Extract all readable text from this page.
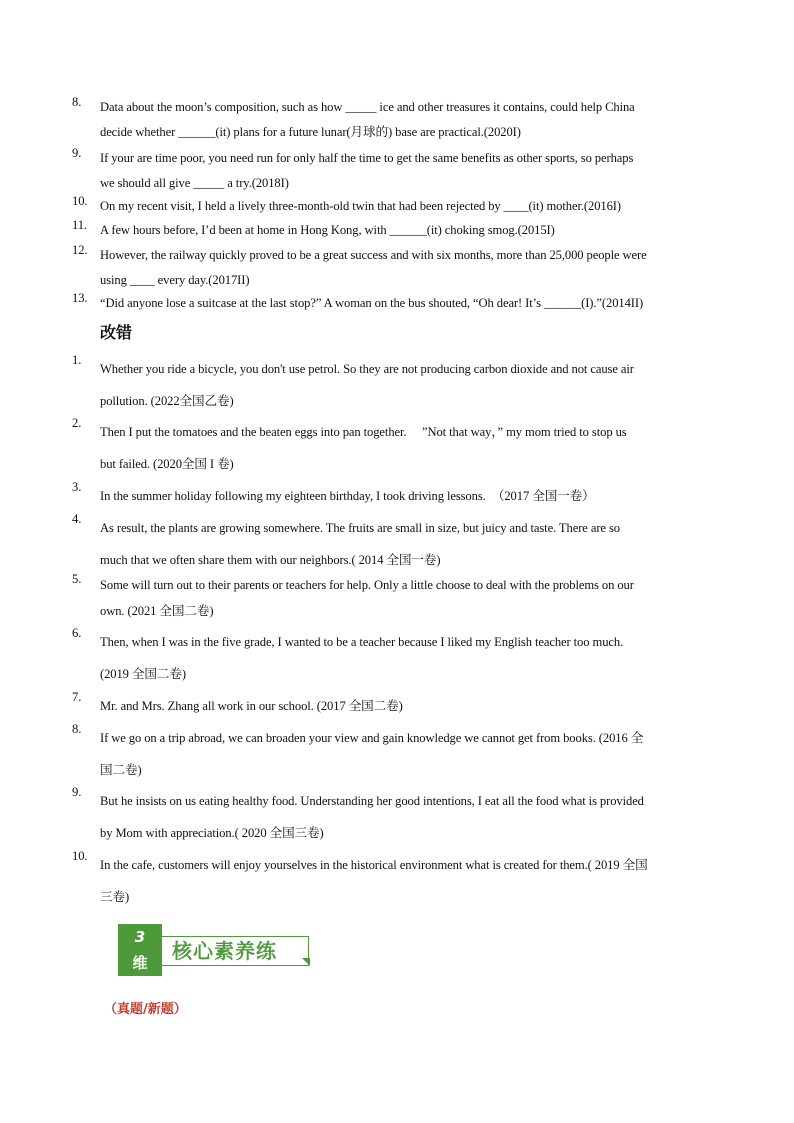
8.	Data about the moon’s composition, such as how _____ ice and other treasures it contains, could help China
decide whether ______(it) plans for a future lunar(月球的) base are practical.(2020I)
9.	If your are time poor, you need run for only half the time to get the same benefits as other sports, so perhaps
we should all give _____ a try.(2018I)
10. On my recent visit, I held a lively three-month-old twin that had been rejected by ____(it) mother.(2016I)
11.	A few hours before, I’d been at home in Hong Kong, with ______(it) choking smog.(2015I)
12. However, the railway quickly proved to be a great success and with six months, more than 25,000 people were
using ____ every day.(2017II)
13. “Did anyone lose a suitcase at the last stop?” A woman on the bus shouted, “Oh dear! It’s ______(I).”(2014II)
改错
1.
Whether you ride a bicycle, you don't use petrol. So they are not producing carbon dioxide and not cause air
pollution. (2022全国乙卷)
2.
Then I put the tomatoes and the beaten eggs into pan together.　 ”Not that way，” my mom tried to stop us
but failed. (2020全国 I 卷)
3.
In the summer holiday following my eighteen birthday, I took driving lessons.　（2017 全国一卷）
4.
As result, the plants are growing somewhere. The fruits are small in size, but juicy and taste. There are so
much that we often share them with our neighbors.( 2014 全国一卷)
5.	Some will turn out to their parents or teachers for help. Only a little choose to deal with the problems on our
own. (2021 全国二卷)
6.
Then, when I was in the five grade, I wanted to be a teacher because I liked my English teacher too much.
(2019 全国二卷)
7.
Mr. and Mrs. Zhang all work in our school. (2017 全国二卷)
8.
If we go on a trip abroad, we can broaden your view and gain knowledge we cannot get from books. (2016 全
国二卷)
9.
But he insists on us eating healthy food. Understanding her good intentions, I eat all the food what is provided
by Mom with appreciation.( 2020 全国三卷)
10.
In the cafe, customers will enjoy yourselves in the historical environment what is created for them.( 2019 全国
三卷)
3
维	核心素养练
（真题/新题）
